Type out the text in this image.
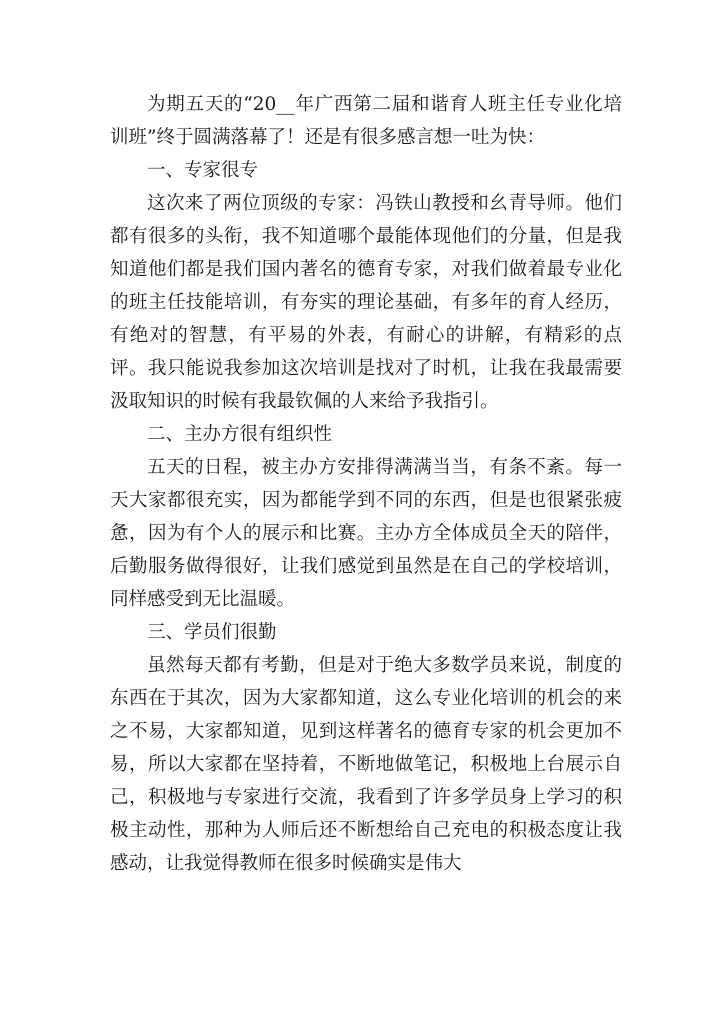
为期五天的“20__年广西第二届和谐育人班主任专业化培训班”终于圆满落幕了！还是有很多感言想一吐为快：

一、专家很专

这次来了两位顶级的专家：冯铁山教授和幺青导师。他们都有很多的头衔，我不知道哪个最能体现他们的分量，但是我知道他们都是我们国内著名的德育专家，对我们做着最专业化的班主任技能培训，有夯实的理论基础，有多年的育人经历，有绝对的智慧，有平易的外表，有耐心的讲解，有精彩的点评。我只能说我参加这次培训是找对了时机，让我在我最需要汲取知识的时候有我最钦佩的人来给予我指引。

二、主办方很有组织性

五天的日程，被主办方安排得满满当当，有条不紊。每一天大家都很充实，因为都能学到不同的东西，但是也很紧张疲惫，因为有个人的展示和比赛。主办方全体成员全天的陪伴，后勤服务做得很好，让我们感觉到虽然是在自己的学校培训，同样感受到无比温暖。

三、学员们很勤

虽然每天都有考勤，但是对于绝大多数学员来说，制度的东西在于其次，因为大家都知道，这么专业化培训的机会的来之不易，大家都知道，见到这样著名的德育专家的机会更加不易，所以大家都在坚持着，不断地做笔记，积极地上台展示自己，积极地与专家进行交流，我看到了许多学员身上学习的积极主动性，那种为人师后还不断想给自己充电的积极态度让我感动，让我觉得教师在很多时候确实是伟大
